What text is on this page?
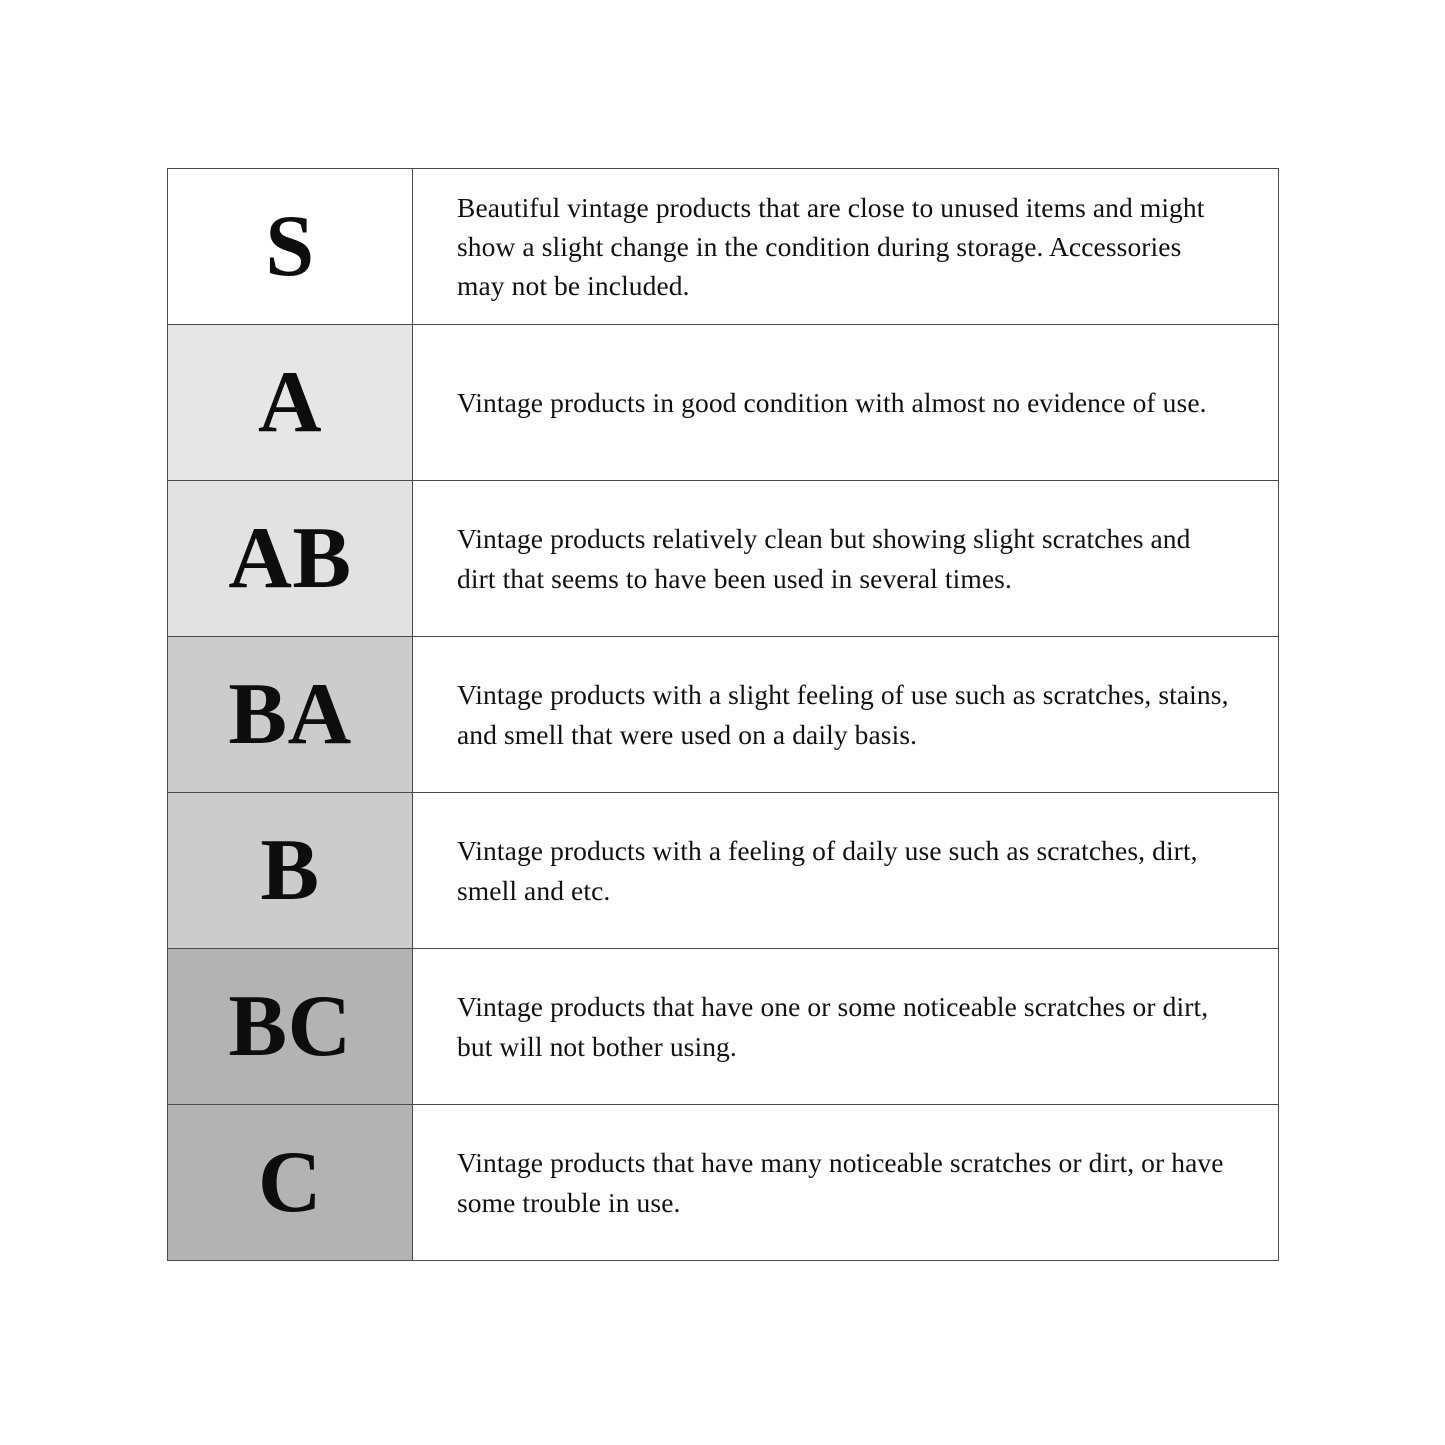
S	Beautiful vintage products that are close to unused items and might show a slight change in the condition during storage. Accessories may not be included.
A	Vintage products in good condition with almost no evidence of use.
AB	Vintage products relatively clean but showing slight scratches and dirt that seems to have been used in several times.
BA	Vintage products with a slight feeling of use such as scratches, stains, and smell that were used on a daily basis.
B	Vintage products with a feeling of daily use such as scratches, dirt, smell and etc.
BC	Vintage products that have one or some noticeable scratches or dirt, but will not bother using.
C	Vintage products that have many noticeable scratches or dirt, or have some trouble in use.
